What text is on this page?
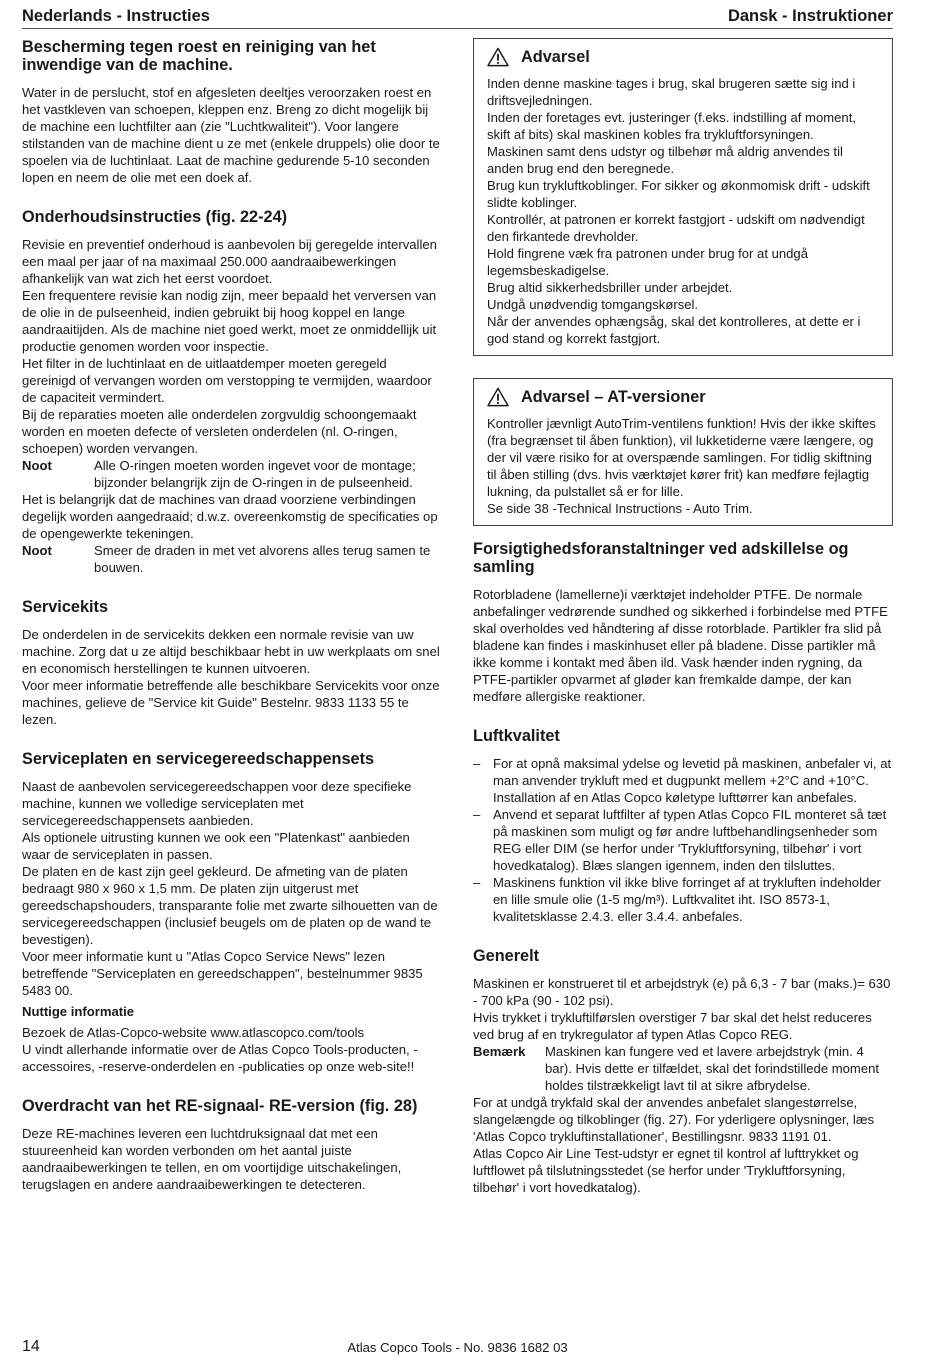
Nederlands - Instructies	Dansk - Instruktioner
Bescherming tegen roest en reiniging van het inwendige van de machine.

Water in de perslucht, stof en afgesleten deeltjes veroorzaken roest en het vastkleven van schoepen, kleppen enz. Breng zo dicht mogelijk bij de machine een luchtfilter aan (zie "Luchtkwaliteit"). Voor langere stilstanden van de machine dient u ze met (enkele druppels) olie door te spoelen via de luchtinlaat. Laat de machine gedurende 5-10 seconden lopen en neem de olie met een doek af.

Onderhoudsinstructies (fig. 22-24)

Revisie en preventief onderhoud is aanbevolen bij geregelde intervallen een maal per jaar of na maximaal 250.000 aandraaibewerkingen afhankelijk van wat zich het eerst voordoet.

Een frequentere revisie kan nodig zijn, meer bepaald het verversen van de olie in de pulseenheid, indien gebruikt bij hoog koppel en lange aandraaitijden. Als de machine niet goed werkt, moet ze onmiddellijk uit productie genomen worden voor inspectie.

Het filter in de luchtinlaat en de uitlaatdemper moeten geregeld gereinigd of vervangen worden om verstopping te vermijden, waardoor de capaciteit vermindert.

Bij de reparaties moeten alle onderdelen zorgvuldig schoongemaakt worden en moeten defecte of versleten onderdelen (nl. O-ringen, schoepen) worden vervangen.

Noot	Alle O-ringen moeten worden ingevet voor de montage; bijzonder belangrijk zijn de O-ringen in de pulseenheid.

Het is belangrijk dat de machines van draad voorziene verbindingen degelijk worden aangedraaid; d.w.z. overeenkomstig de specificaties op de opengewerkte tekeningen.

Noot	Smeer de draden in met vet alvorens alles terug samen te bouwen.
Servicekits

De onderdelen in de servicekits dekken een normale revisie van uw machine. Zorg dat u ze altijd beschikbaar hebt in uw werkplaats om snel en economisch herstellingen te kunnen uitvoeren.

Voor meer informatie betreffende alle beschikbare Servicekits voor onze machines, gelieve de "Service kit Guide" Bestelnr. 9833 1133 55 te lezen.

Serviceplaten en servicegereedschappensets

Naast de aanbevolen servicegereedschappen voor deze specifieke machine, kunnen we volledige serviceplaten met servicegereedschappensets aanbieden.

Als optionele uitrusting kunnen we ook een "Platenkast" aanbieden waar de serviceplaten in passen.

De platen en de kast zijn geel gekleurd. De afmeting van de platen bedraagt 980 x 960 x 1,5 mm. De platen zijn uitgerust met gereedschapshouders, transparante folie met zwarte silhouetten van de servicegereedschappen (inclusief beugels om de platen op de wand te bevestigen).

Voor meer informatie kunt u "Atlas Copco Service News" lezen betreffende "Serviceplaten en gereedschappen", bestelnummer 9835 5483 00.

Nuttige informatie

Bezoek de Atlas-Copco-website www.atlascopco.com/tools

U vindt allerhande informatie over de Atlas Copco Tools-producten, -accessoires, -reserve-onderdelen en -publicaties op onze web-site!!

Overdracht van het RE-signaal- RE-version (fig. 28)

Deze RE-machines leveren een luchtdruksignaal dat met een stuureenheid kan worden verbonden om het aantal juiste aandraaibewerkingen te tellen, en om voortijdige uitschakelingen, terugslagen en andere aandraaibewerkingen te detecteren.

Advarsel

Inden denne maskine tages i brug, skal brugeren sætte sig ind i driftsvejledningen.

Inden der foretages evt. justeringer (f.eks. indstilling af moment, skift af bits) skal maskinen kobles fra trykluftforsyningen.

Maskinen samt dens udstyr og tilbehør må aldrig anvendes til anden brug end den beregnede.

Brug kun trykluftkoblinger. For sikker og økonmomisk drift - udskift slidte koblinger.

Kontrollér, at patronen er korrekt fastgjort - udskift om nødvendigt den firkantede drevholder.

Hold fingrene væk fra patronen under brug for at undgå legemsbeskadigelse.

Brug altid sikkerhedsbriller under arbejdet.

Undgå unødvendig tomgangskørsel.

Når der anvendes ophængsåg, skal det kontrolleres, at dette er i god stand og korrekt fastgjort.

Advarsel – AT-versioner

Kontroller jævnligt AutoTrim-ventilens funktion! Hvis der ikke skiftes (fra begrænset til åben funktion), vil lukketiderne være længere, og der vil være risiko for at overspænde samlingen. For tidlig skiftning til åben stilling (dvs. hvis værktøjet kører frit) kan medføre fejlagtig lukning, da pulstallet så er for lille.

Se side 38 -Technical Instructions - Auto Trim.

Forsigtighedsforanstaltninger ved adskillelse og samling

Rotorbladene (lamellerne)i værktøjet indeholder PTFE. De normale anbefalinger vedrørende sundhed og sikkerhed i forbindelse med PTFE skal overholdes ved håndtering af disse rotorblade. Partikler fra slid på bladene kan findes i maskinhuset eller på bladene. Disse partikler må ikke komme i kontakt med åben ild. Vask hænder inden rygning, da PTFE-partikler opvarmet af gløder kan fremkalde dampe, der kan medføre allergiske reaktioner.

Luftkvalitet
– For at opnå maksimal ydelse og levetid på maskinen, anbefaler vi, at man anvender trykluft med et dugpunkt mellem +2°C and +10°C. Installation af en Atlas Copco køletype lufttørrer kan anbefales.
– Anvend et separat luftfilter af typen Atlas Copco FIL monteret så tæt på maskinen som muligt og før andre luftbehandlingsenheder som REG eller DIM (se herfor under 'Trykluftforsyning, tilbehør' i vort hovedkatalog). Blæs slangen igennem, inden den tilsluttes.
– Maskinens funktion vil ikke blive forringet af at trykluften indeholder en lille smule olie (1-5 mg/m³). Luftkvalitet iht. ISO 8573-1, kvalitetsklasse 2.4.3. eller 3.4.4. anbefales.
Generelt

Maskinen er konstrueret til et arbejdstryk (e) på 6,3 - 7 bar (maks.)= 630 - 700 kPa (90 - 102 psi).

Hvis trykket i trykluftilførslen overstiger 7 bar skal det helst reduceres ved brug af en trykregulator af typen Atlas Copco REG.

Bemærk	Maskinen kan fungere ved et lavere arbejdstryk (min. 4 bar). Hvis dette er tilfældet, skal det forindstillede moment holdes tilstrækkeligt lavt til at sikre afbrydelse.

For at undgå trykfald skal der anvendes anbefalet slangestørrelse, slangelængde og tilkoblinger (fig. 27). For yderligere oplysninger, læs 'Atlas Copco trykluftinstallationer', Bestillingsnr. 9833 1191 01.

Atlas Copco Air Line Test-udstyr er egnet til kontrol af lufttrykket og luftflowet på tilslutningsstedet (se herfor under 'Trykluftforsyning, tilbehør' i vort hovedkatalog).

14	Atlas Copco Tools - No. 9836 1682 03
